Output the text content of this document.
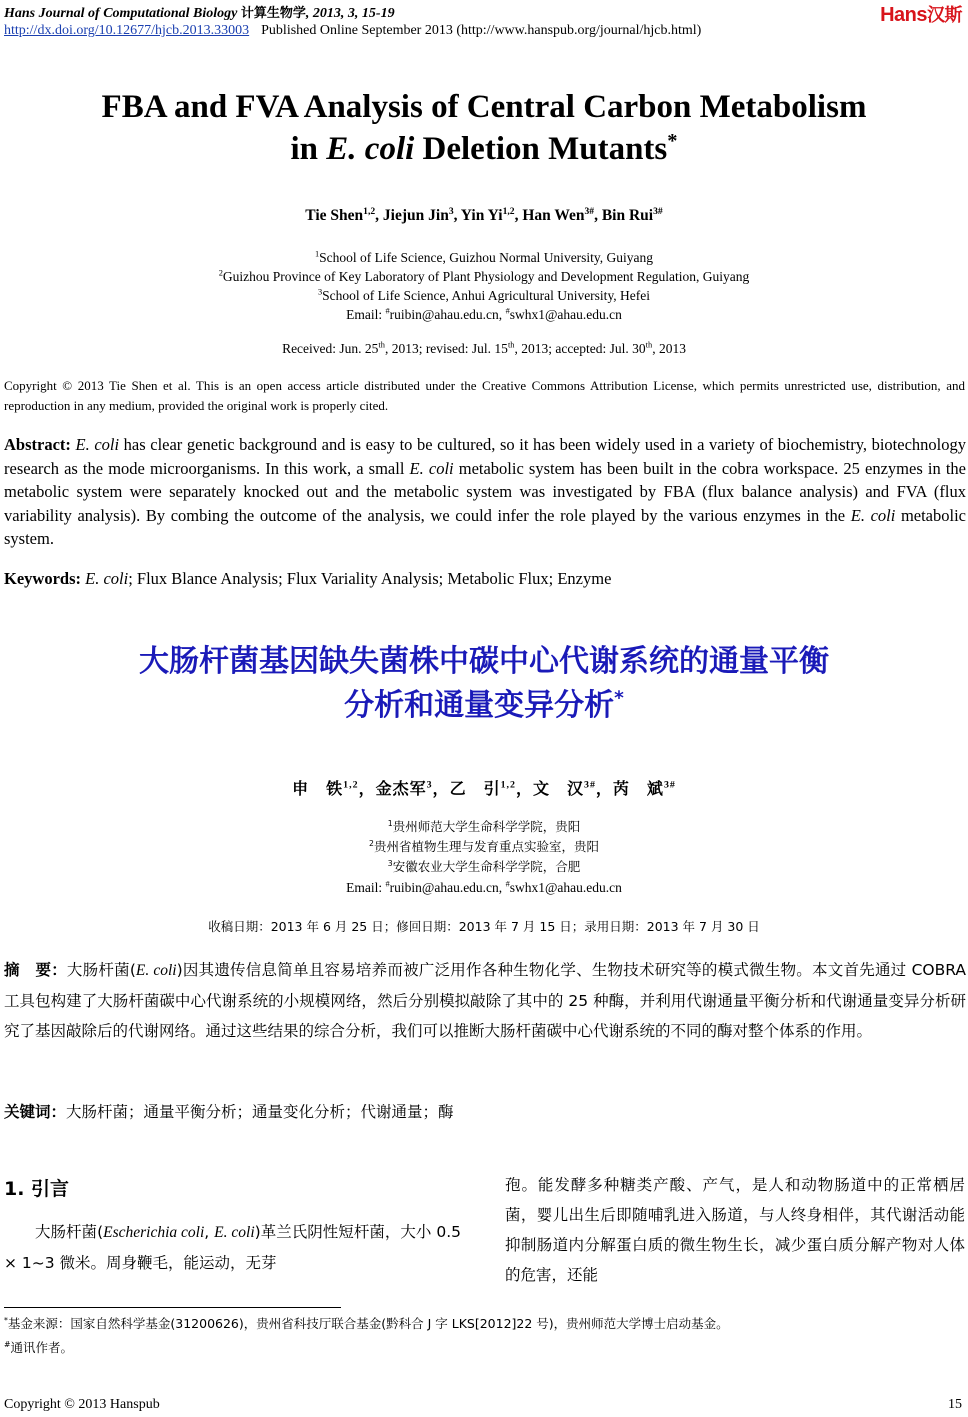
Hans Journal of Computational Biology 计算生物学, 2013, 3, 15-19	Hans汉斯
http://dx.doi.org/10.12677/hjcb.2013.33003 Published Online September 2013 (http://www.hanspub.org/journal/hjcb.html)
FBA and FVA Analysis of Central Carbon Metabolism
in E. coli Deletion Mutants*
Tie Shen$^{1,2}$, Jiejun Jin$^3$, Yin Yi$^{1,2}$, Han Wen$^{3\#}$, Bin Rui$^{3\#}$
$^1$School of Life Science, Guizhou Normal University, Guiyang
$^2$Guizhou Province of Key Laboratory of Plant Physiology and Development Regulation, Guiyang
$^3$School of Life Science, Anhui Agricultural University, Hefei
Email: #ruibin@ahau.edu.cn, #swhx1@ahau.edu.cn
Received: Jun. 25th, 2013; revised: Jul. 15th, 2013; accepted: Jul. 30th, 2013
Copyright © 2013 Tie Shen et al. This is an open access article distributed under the Creative Commons Attribution License, which permits unrestricted use, distribution, and reproduction in any medium, provided the original work is properly cited.
Abstract: E. coli has clear genetic background and is easy to be cultured, so it has been widely used in a variety of biochemistry, biotechnology research as the mode microorganisms. In this work, a small E. coli metabolic system has been built in the cobra workspace. 25 enzymes in the metabolic system were separately knocked out and the metabolic system was investigated by FBA (flux balance analysis) and FVA (flux variability analysis). By combing the outcome of the analysis, we could infer the role played by the various enzymes in the E. coli metabolic system.
Keywords: E. coli; Flux Blance Analysis; Flux Variality Analysis; Metabolic Flux; Enzyme
大肠杆菌基因缺失菌株中碳中心代谢系统的通量平衡
分析和通量变异分析*
申　铁$^{1,2}$，金杰军$^3$，乙　引$^{1,2}$，文　汉$^{3\#}$，芮　斌$^{3\#}$
$^1$贵州师范大学生命科学学院，贵阳
$^2$贵州省植物生理与发育重点实验室，贵阳
$^3$安徽农业大学生命科学学院，合肥
Email: #ruibin@ahau.edu.cn, #swhx1@ahau.edu.cn
收稿日期：2013 年 6 月 25 日；修回日期：2013 年 7 月 15 日；录用日期：2013 年 7 月 30 日
摘　要：大肠杆菌(E. coli)因其遗传信息简单且容易培养而被广泛用作各种生物化学、生物技术研究等的模式微生物。本文首先通过 COBRA 工具包构建了大肠杆菌碳中心代谢系统的小规模网络，然后分别模拟敲除了其中的 25 种酶，并利用代谢通量平衡分析和代谢通量变异分析研究了基因敲除后的代谢网络。通过这些结果的综合分析，我们可以推断大肠杆菌碳中心代谢系统的不同的酶对整个体系的作用。
关键词：大肠杆菌；通量平衡分析；通量变化分析；代谢通量；酶
1. 引言
大肠杆菌(Escherichia coli, E. coli)革兰氏阴性短杆菌，大小 0.5 × 1~3 微米。周身鞭毛，能运动，无芽
孢。能发酵多种糖类产酸、产气，是人和动物肠道中的正常栖居菌，婴儿出生后即随哺乳进入肠道，与人终身相伴，其代谢活动能抑制肠道内分解蛋白质的微生物生长，减少蛋白质分解产物对人体的危害，还能
*基金来源：国家自然科学基金(31200626)，贵州省科技厅联合基金(黔科合 J 字 LKS[2012]22 号)，贵州师范大学博士启动基金。
#通讯作者。
Copyright © 2013 Hanspub	15
